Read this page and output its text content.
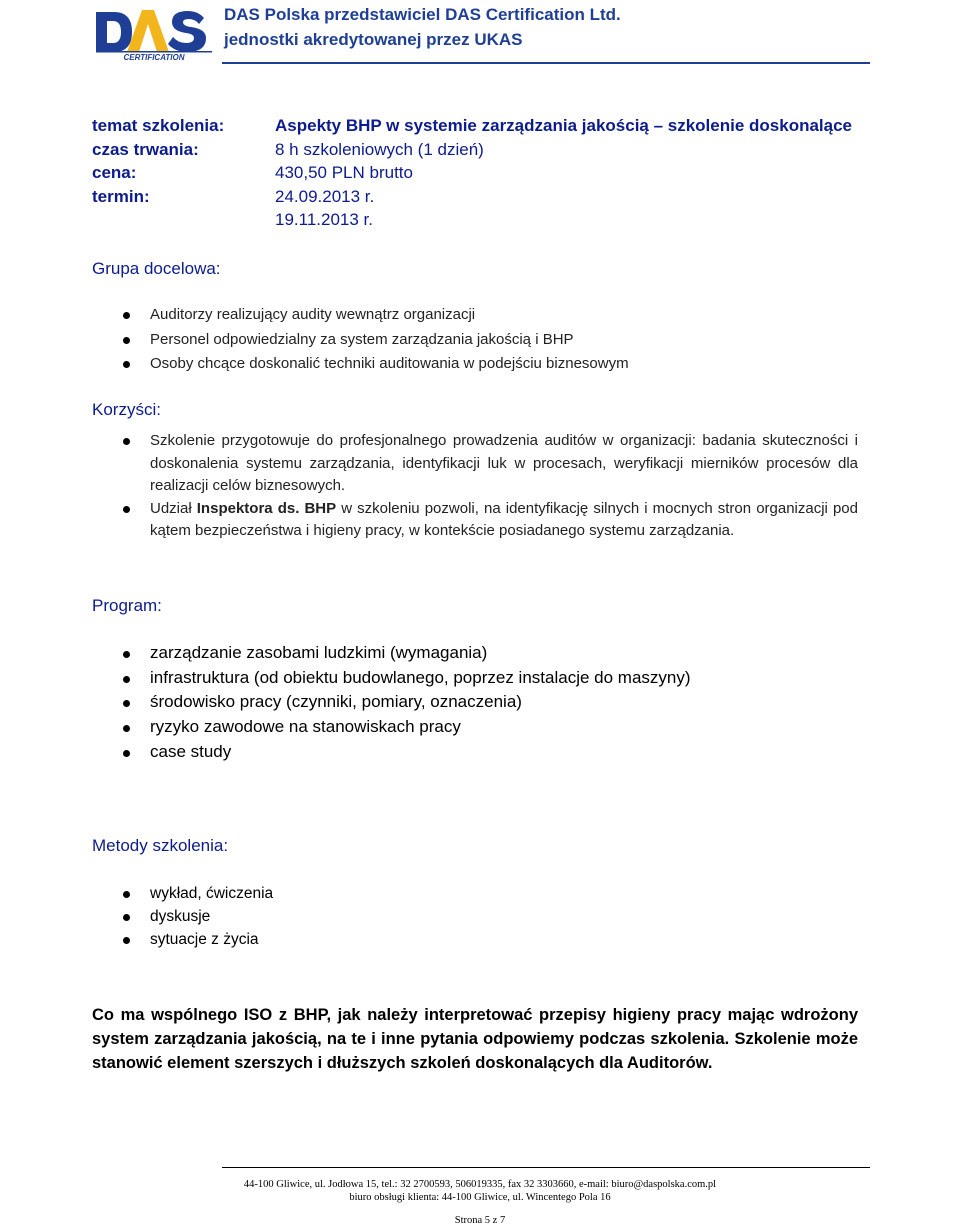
CERTIFICATION
DAS Polska przedstawiciel DAS Certification Ltd.
jednostki akredytowanej przez UKAS
temat szkolenia:	Aspekty BHP w systemie zarządzania jakością – szkolenie doskonalące
czas trwania:	8 h szkoleniowych (1 dzień)
cena:	430,50 PLN brutto
termin:	24.09.2013 r.
19.11.2013 r.
Grupa docelowa:
Auditorzy realizujący audity wewnątrz organizacji
Personel odpowiedzialny za system zarządzania jakością i BHP
Osoby chcące doskonalić techniki auditowania w podejściu biznesowym
Korzyści:
Szkolenie przygotowuje do profesjonalnego prowadzenia auditów w organizacji: badania skuteczności i doskonalenia systemu zarządzania, identyfikacji luk w procesach, weryfikacji mierników procesów dla realizacji celów biznesowych.
Udział Inspektora ds. BHP w szkoleniu pozwoli, na identyfikację silnych i mocnych stron organizacji pod kątem bezpieczeństwa i higieny pracy, w kontekście posiadanego systemu zarządzania.
Program:
zarządzanie zasobami ludzkimi (wymagania)
infrastruktura (od obiektu budowlanego, poprzez instalacje do maszyny)
środowisko pracy (czynniki, pomiary, oznaczenia)
ryzyko zawodowe na stanowiskach pracy
case study
Metody szkolenia:
wykład, ćwiczenia
dyskusje
sytuacje z życia
Co ma wspólnego ISO z BHP, jak należy interpretować przepisy higieny pracy mając wdrożony system zarządzania jakością, na te i inne pytania odpowiemy podczas szkolenia. Szkolenie może stanowić element szerszych i dłuższych szkoleń doskonalących dla Auditorów.
44-100 Gliwice, ul. Jodłowa 15, tel.: 32 2700593, 506019335, fax 32 3303660, e-mail: biuro@daspolska.com.pl
biuro obsługi klienta: 44-100 Gliwice, ul. Wincentego Pola 16
Strona 5 z 7
